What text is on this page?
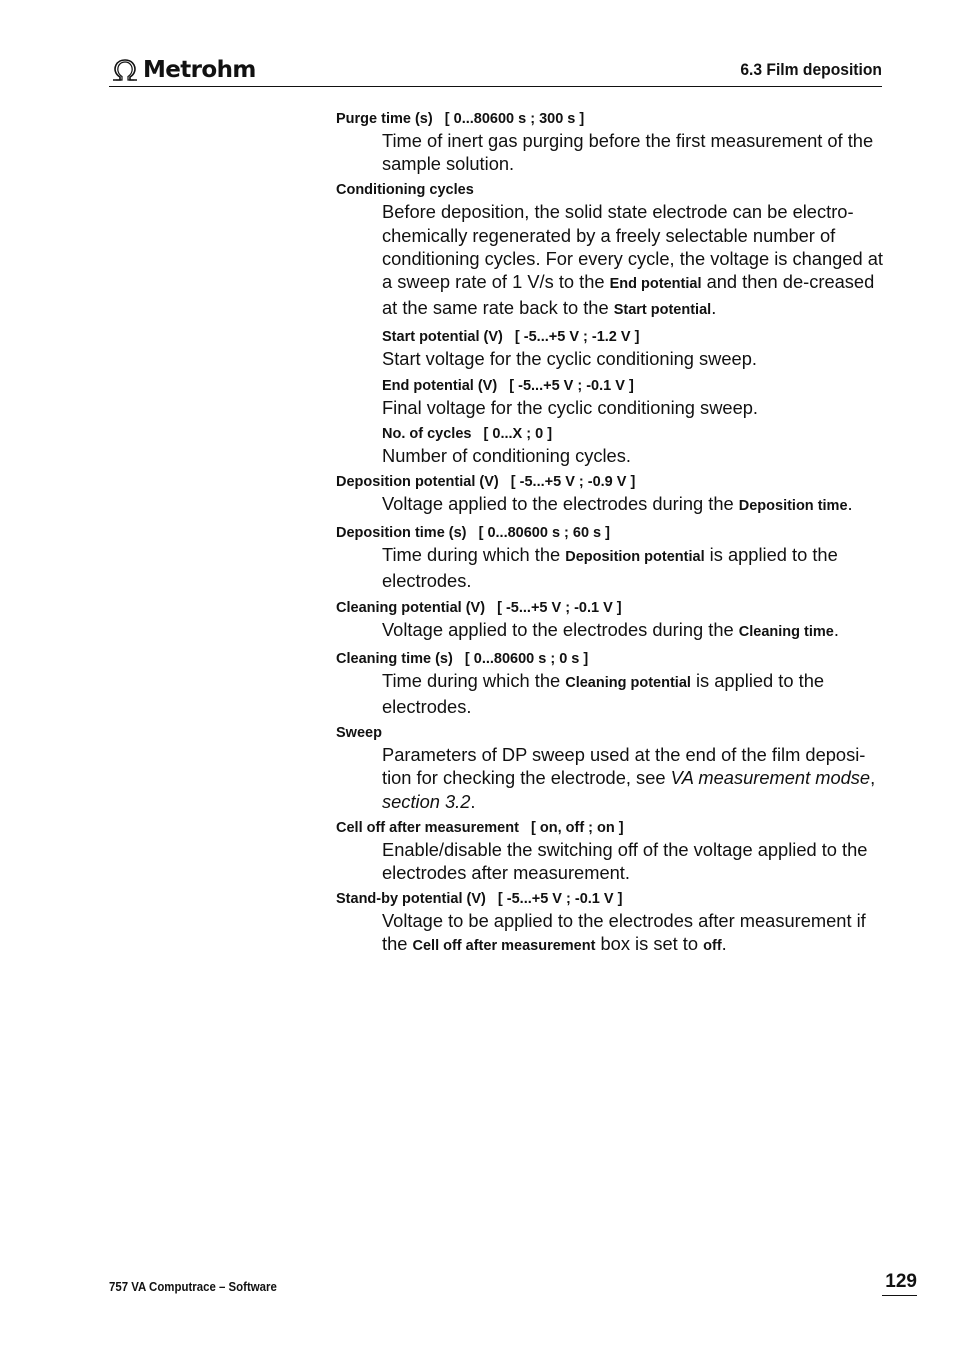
Metrohm	6.3 Film deposition
Purge time (s)   [ 0...80600 s ; 300 s ]
Time of inert gas purging before the first measurement of the sample solution.
Conditioning cycles
Before deposition, the solid state electrode can be electro-chemically regenerated by a freely selectable number of conditioning cycles. For every cycle, the voltage is changed at a sweep rate of 1 V/s to the End potential and then de-creased at the same rate back to the Start potential.
Start potential (V)   [ -5...+5 V ; -1.2 V ]
Start voltage for the cyclic conditioning sweep.
End potential (V)   [ -5...+5 V ; -0.1 V ]
Final voltage for the cyclic conditioning sweep.
No. of cycles   [ 0...X ; 0 ]
Number of conditioning cycles.
Deposition potential (V)   [ -5...+5 V ; -0.9 V ]
Voltage applied to the electrodes during the Deposition time.
Deposition time (s)   [ 0...80600 s ; 60 s ]
Time during which the Deposition potential is applied to the electrodes.
Cleaning potential (V)   [ -5...+5 V ; -0.1 V ]
Voltage applied to the electrodes during the Cleaning time.
Cleaning time (s)   [ 0...80600 s ; 0 s ]
Time during which the Cleaning potential is applied to the electrodes.
Sweep
Parameters of DP sweep used at the end of the film deposi-tion for checking the electrode, see VA measurement modse, section 3.2.
Cell off after measurement   [ on, off ; on ]
Enable/disable the switching off of the voltage applied to the electrodes after measurement.
Stand-by potential (V)   [ -5...+5 V ; -0.1 V ]
Voltage to be applied to the electrodes after measurement if the Cell off after measurement box is set to off.
757 VA Computrace – Software	129
